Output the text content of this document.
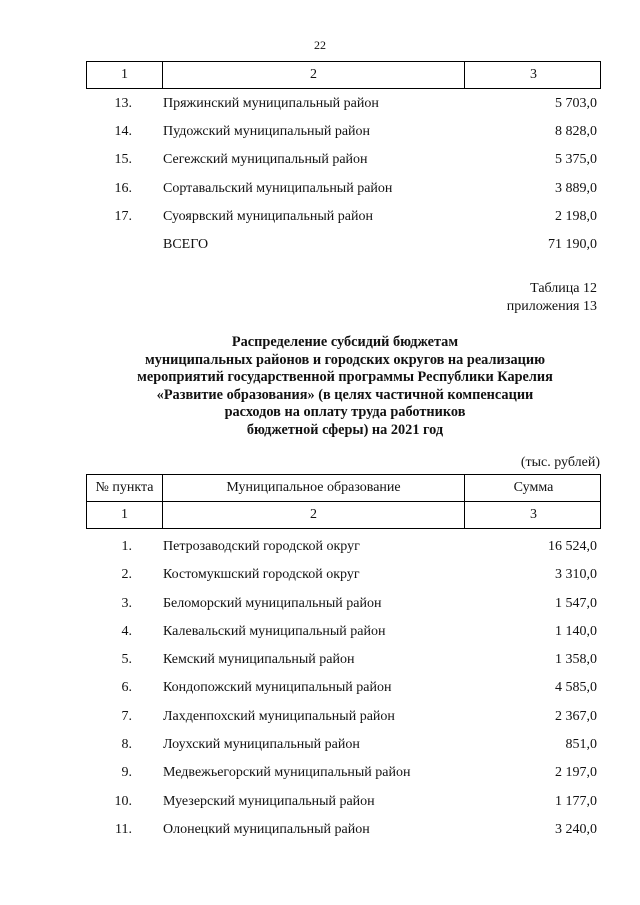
22
1	2	3
13. Пряжинский муниципальный район	5 703,0
14. Пудожский муниципальный район	8 828,0
15. Сегежский муниципальный район	5 375,0
16. Сортавальский муниципальный район	3 889,0
17. Суоярвский муниципальный район	2 198,0
ВСЕГО	71 190,0
Таблица 12
приложения 13
Распределение субсидий бюджетам
муниципальных районов и городских округов на реализацию
мероприятий государственной программы Республики Карелия
«Развитие образования» (в целях частичной компенсации
расходов на оплату труда работников
бюджетной сферы) на 2021 год
(тыс. рублей)
№ пункта	Муниципальное образование	Сумма
1	2	3
1. Петрозаводский городской округ	16 524,0
2. Костомукшский городской округ	3 310,0
3. Беломорский муниципальный район	1 547,0
4. Калевальский муниципальный район	1 140,0
5. Кемский муниципальный район	1 358,0
6. Кондопожский муниципальный район	4 585,0
7. Лахденпохский муниципальный район	2 367,0
8. Лоухский муниципальный район	851,0
9. Медвежьегорский муниципальный район	2 197,0
10. Муезерский муниципальный район	1 177,0
11. Олонецкий муниципальный район	3 240,0
